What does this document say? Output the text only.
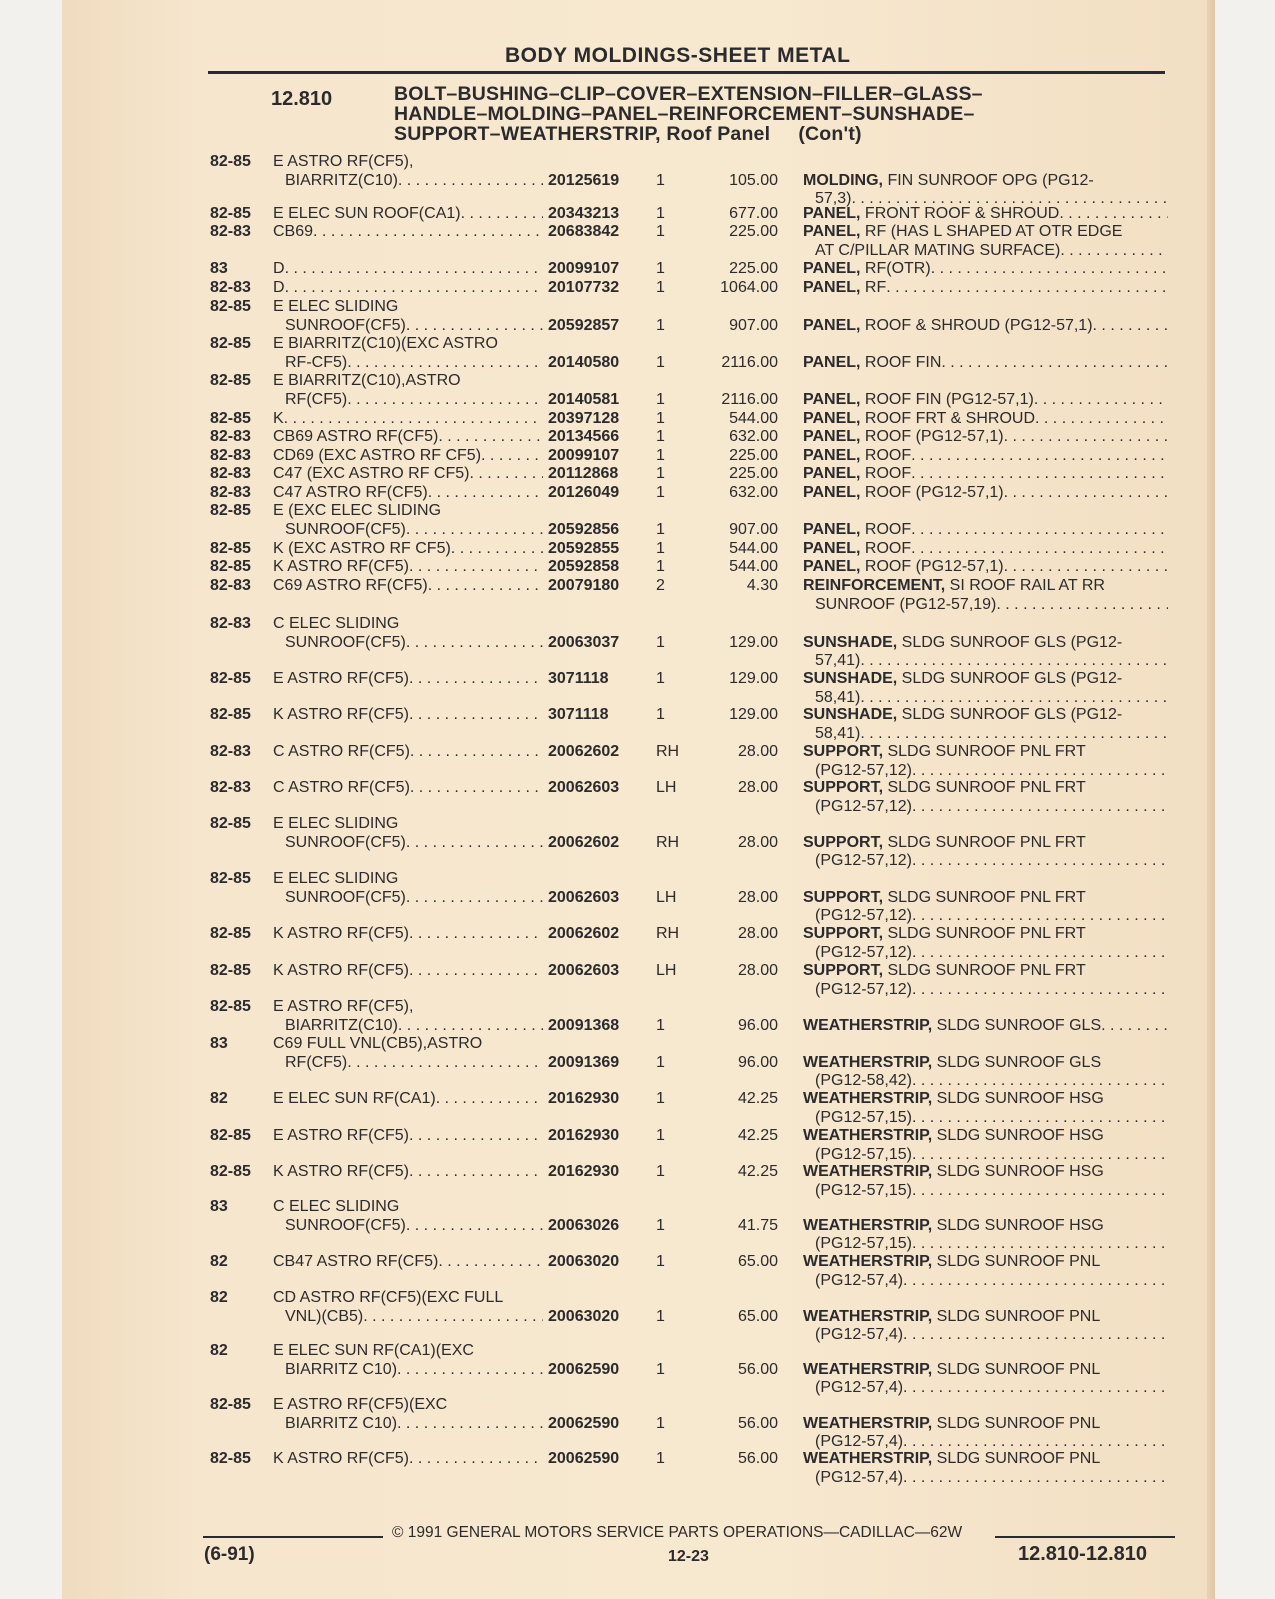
BODY MOLDINGS-SHEET METAL
12.810	BOLT–BUSHING–CLIP–COVER–EXTENSION–FILLER–GLASS–
HANDLE–MOLDING–PANEL–REINFORCEMENT–SUNSHADE–
SUPPORT–WEATHERSTRIP, Roof Panel (Con't)
82-85 E ASTRO RF(CF5),
BIARRITZ(C10) . . .	20125619	1	105.00 MOLDING, FIN SUNROOF OPG (PG12-
57,3)
. . .
82-85 E ELEC SUN ROOF(CA1) . . .	20343213	1	677.00 PANEL, FRONT ROOF & SHROUD
. . .
82-83 CB69 . . .	20683842	1	225.00 PANEL, RF (HAS L SHAPED AT OTR EDGE
AT C/PILLAR MATING SURFACE)
. . .
83	D . . .	20099107	1	225.00 PANEL, RF(OTR)
. . .
82-83 D . . .	20107732	1	1064.00 PANEL, RF
. . .
82-85 E ELEC SLIDING
SUNROOF(CF5) . . .	20592857	1	907.00 PANEL, ROOF & SHROUD (PG12-57,1)
. . .
82-85 E BIARRITZ(C10)(EXC ASTRO
RF-CF5) . . .	20140580	1	2116.00 PANEL, ROOF FIN
. . .
82-85 E BIARRITZ(C10),ASTRO
RF(CF5) . . .	20140581	1	2116.00 PANEL, ROOF FIN (PG12-57,1)
. . .
82-85 K . . .	20397128	1	544.00 PANEL, ROOF FRT & SHROUD
. . .
82-83 CB69 ASTRO RF(CF5) . . .	20134566	1	632.00 PANEL, ROOF (PG12-57,1)
. . .
82-83 CD69 (EXC ASTRO RF CF5) . . .	20099107	1	225.00 PANEL, ROOF
. . .
82-83 C47 (EXC ASTRO RF CF5) . . .	20112868	1	225.00 PANEL, ROOF
. . .
82-83 C47 ASTRO RF(CF5) . . .	20126049	1	632.00 PANEL, ROOF (PG12-57,1)
. . .
82-85 E (EXC ELEC SLIDING
SUNROOF(CF5) . . .	20592856	1	907.00 PANEL, ROOF
. . .
82-85 K (EXC ASTRO RF CF5) . . .	20592855	1	544.00 PANEL, ROOF
. . .
82-85 K ASTRO RF(CF5) . . .	20592858	1	544.00 PANEL, ROOF (PG12-57,1)
. . .
82-83 C69 ASTRO RF(CF5) . . .	20079180	2	4.30 REINFORCEMENT, SI ROOF RAIL AT RR
SUNROOF (PG12-57,19)
. . .
82-83 C ELEC SLIDING
SUNROOF(CF5) . . .	20063037	1	129.00 SUNSHADE, SLDG SUNROOF GLS (PG12-
57,41)
. . .
82-85 E ASTRO RF(CF5) . . .	3071118	1	129.00 SUNSHADE, SLDG SUNROOF GLS (PG12-
58,41)
. . .
82-85 K ASTRO RF(CF5) . . .	3071118	1	129.00 SUNSHADE, SLDG SUNROOF GLS (PG12-
58,41)
. . .
82-83 C ASTRO RF(CF5) . . .	20062602	RH	28.00 SUPPORT, SLDG SUNROOF PNL FRT
(PG12-57,12)
. . .
82-83 C ASTRO RF(CF5) . . .	20062603	LH	28.00 SUPPORT, SLDG SUNROOF PNL FRT
(PG12-57,12)
. . .
82-85 E ELEC SLIDING
SUNROOF(CF5) . . .	20062602	RH	28.00 SUPPORT, SLDG SUNROOF PNL FRT
(PG12-57,12)
. . .
82-85 E ELEC SLIDING
SUNROOF(CF5) . . .	20062603	LH	28.00 SUPPORT, SLDG SUNROOF PNL FRT
(PG12-57,12)
. . .
82-85 K ASTRO RF(CF5) . . .	20062602	RH	28.00 SUPPORT, SLDG SUNROOF PNL FRT
(PG12-57,12)
. . .
82-85 K ASTRO RF(CF5) . . .	20062603	LH	28.00 SUPPORT, SLDG SUNROOF PNL FRT
(PG12-57,12)
. . .
82-85 E ASTRO RF(CF5),
BIARRITZ(C10) . . .	20091368	1	96.00 WEATHERSTRIP, SLDG SUNROOF GLS
. . .
83	C69 FULL VNL(CB5),ASTRO
RF(CF5) . . .	20091369	1	96.00 WEATHERSTRIP, SLDG SUNROOF GLS
(PG12-58,42)
. . .
82	E ELEC SUN RF(CA1) . . .	20162930	1	42.25 WEATHERSTRIP, SLDG SUNROOF HSG
(PG12-57,15)
. . .
82-85 E ASTRO RF(CF5) . . .	20162930	1	42.25 WEATHERSTRIP, SLDG SUNROOF HSG
(PG12-57,15)
. . .
82-85 K ASTRO RF(CF5) . . .	20162930	1	42.25 WEATHERSTRIP, SLDG SUNROOF HSG
(PG12-57,15)
. . .
83	C ELEC SLIDING
SUNROOF(CF5) . . .	20063026	1	41.75 WEATHERSTRIP, SLDG SUNROOF HSG
(PG12-57,15)
. . .
82	CB47 ASTRO RF(CF5) . . .	20063020	1	65.00 WEATHERSTRIP, SLDG SUNROOF PNL
(PG12-57,4)
. . .
82	CD ASTRO RF(CF5)(EXC FULL
VNL)(CB5) . . .	20063020	1	65.00 WEATHERSTRIP, SLDG SUNROOF PNL
(PG12-57,4)
. . .
82	E ELEC SUN RF(CA1)(EXC
BIARRITZ C10) . . .	20062590	1	56.00 WEATHERSTRIP, SLDG SUNROOF PNL
(PG12-57,4)
. . .
82-85 E ASTRO RF(CF5)(EXC
BIARRITZ C10) . . .	20062590	1	56.00 WEATHERSTRIP, SLDG SUNROOF PNL
(PG12-57,4)
. . .
82-85 K ASTRO RF(CF5) . . .	20062590	1	56.00 WEATHERSTRIP, SLDG SUNROOF PNL
(PG12-57,4)
. . .
© 1991 GENERAL MOTORS SERVICE PARTS OPERATIONS—CADILLAC—62W
(6-91)	12-23	12.810-12.810
